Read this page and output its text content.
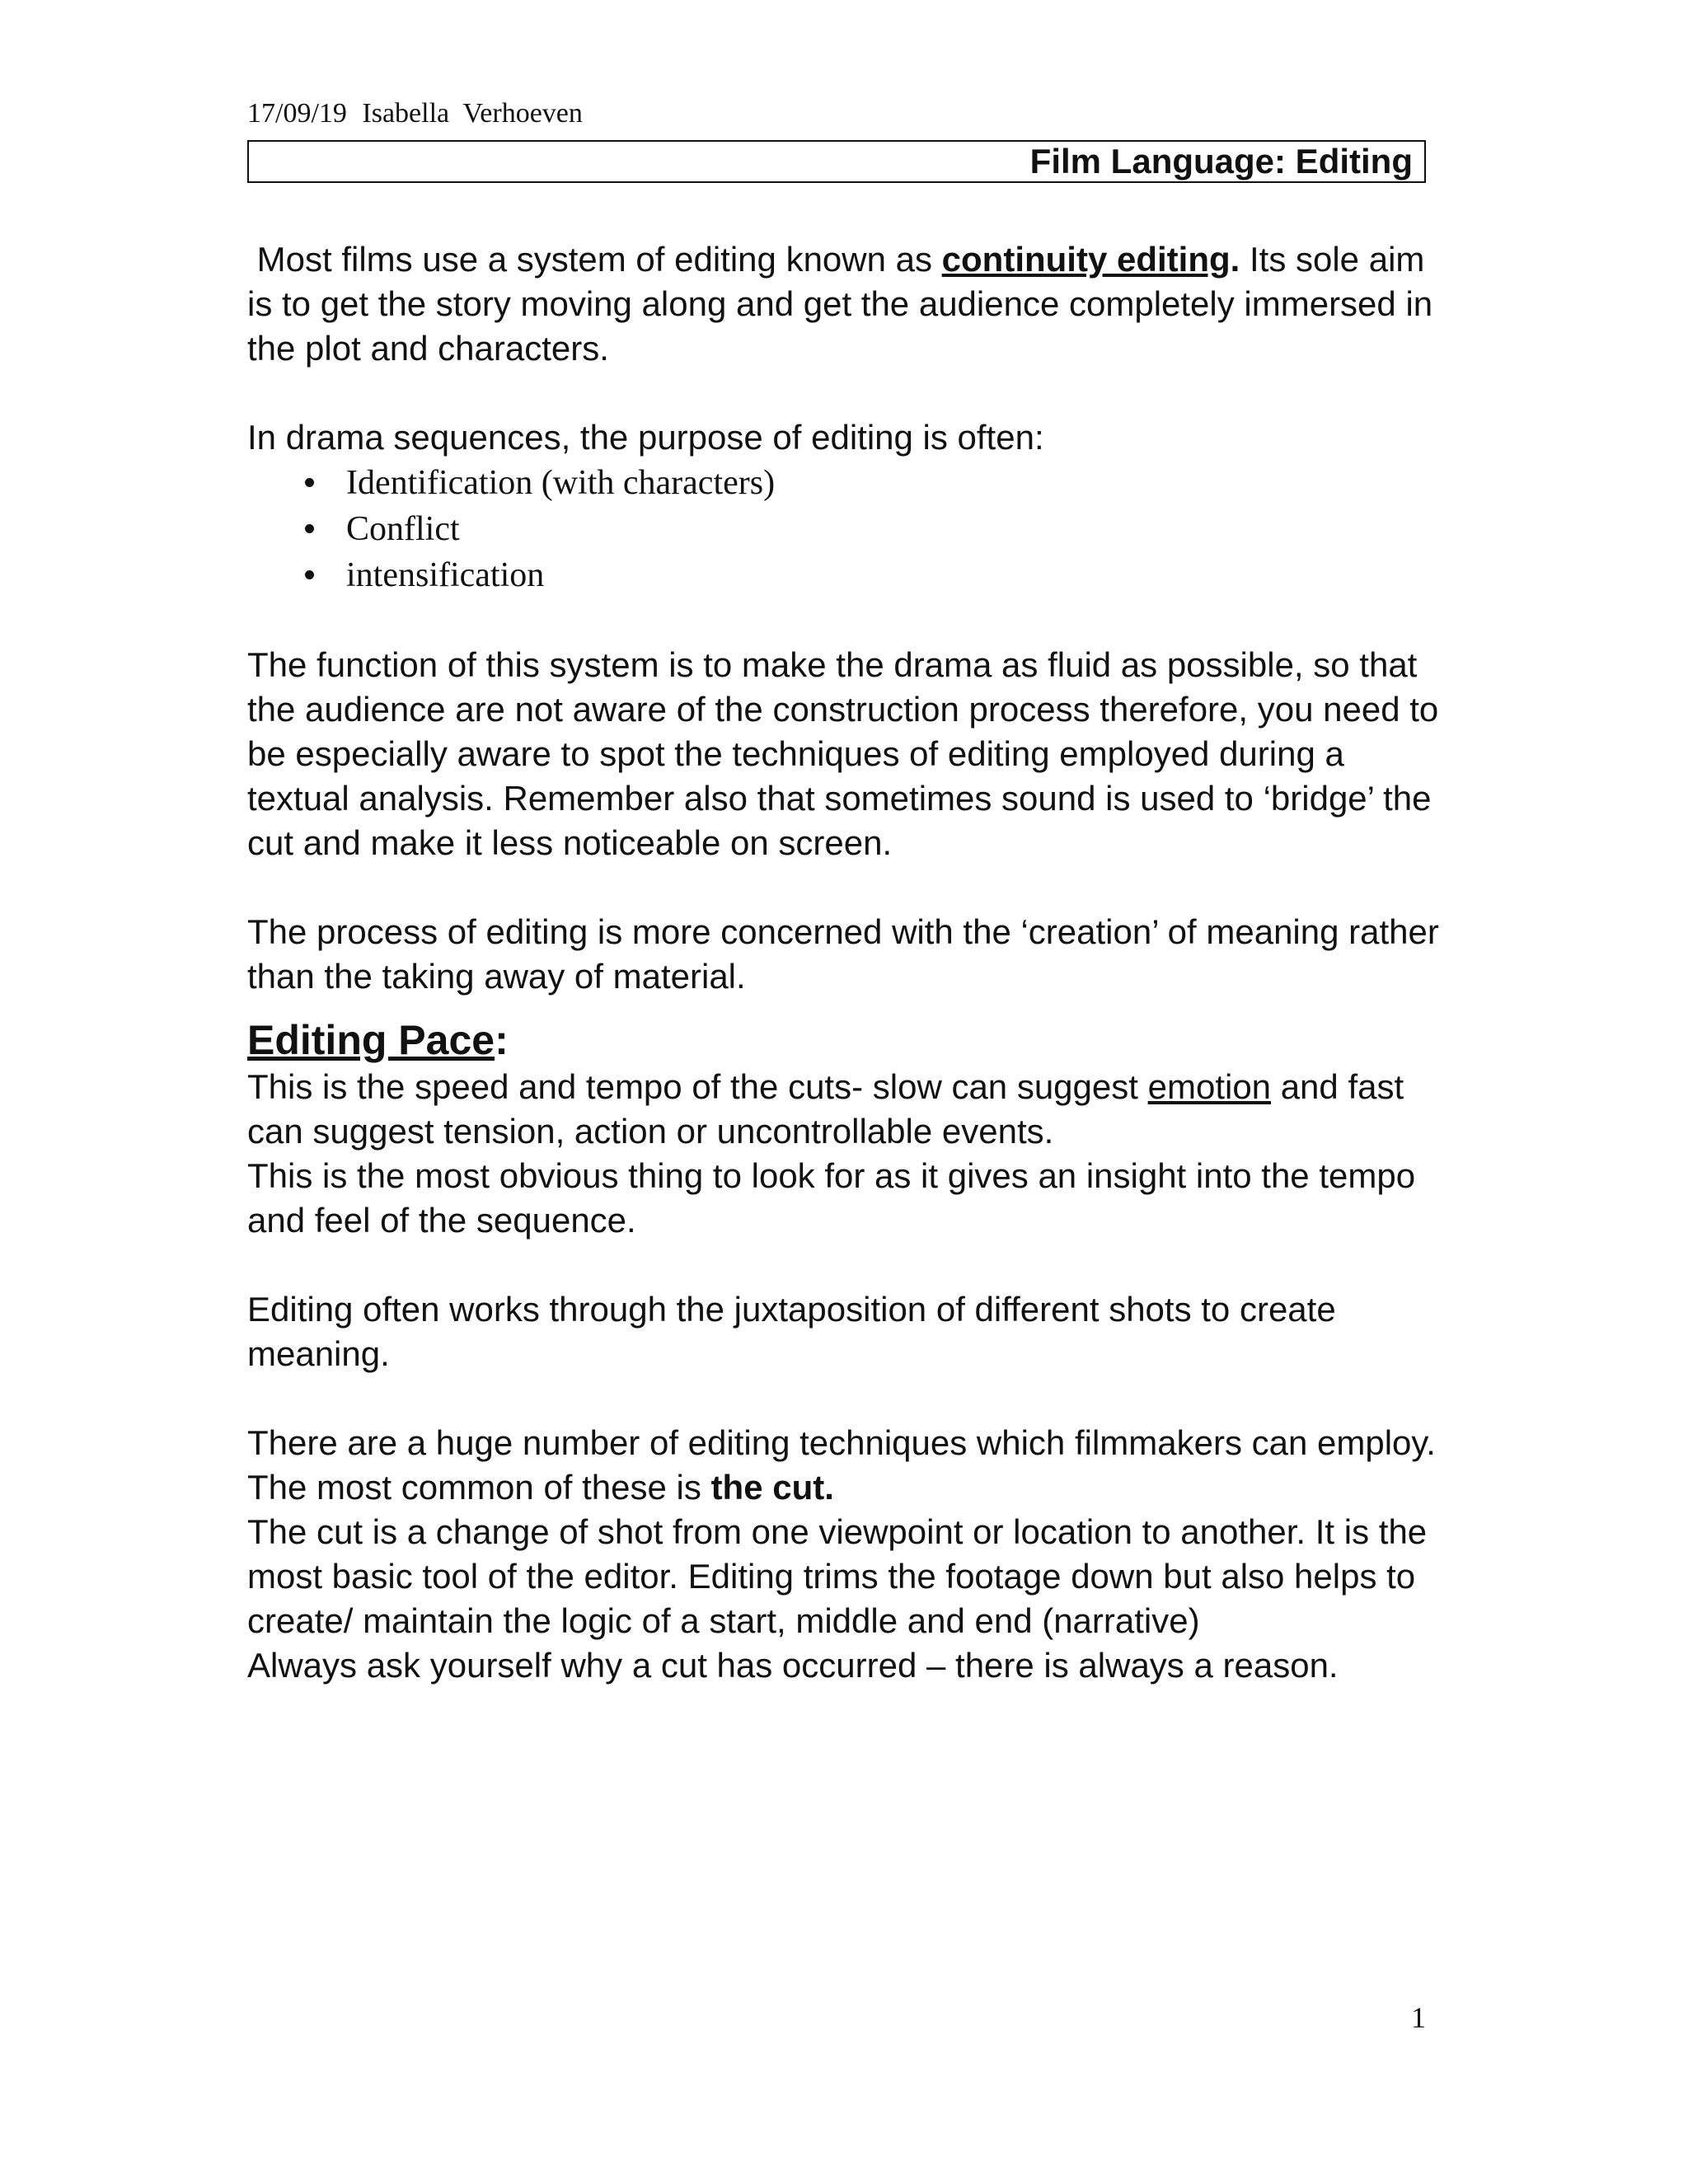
17/09/19 Isabella  Verhoeven
Film Language: Editing

Most films use a system of editing known as continuity editing. Its sole aim is to get the story moving along and get the audience completely immersed in the plot and characters.

In drama sequences, the purpose of editing is often:

Identification (with characters)
Conflict
intensification

The function of this system is to make the drama as fluid as possible, so that the audience are not aware of the construction process therefore, you need to be especially aware to spot the techniques of editing employed during a textual analysis. Remember also that sometimes sound is used to ‘bridge’ the cut and make it less noticeable on screen.

The process of editing is more concerned with the ‘creation’ of meaning rather than the taking away of material.

Editing Pace:

This is the speed and tempo of the cuts- slow can suggest emotion and fast can suggest tension, action or uncontrollable events.

This is the most obvious thing to look for as it gives an insight into the tempo and feel of the sequence.

Editing often works through the juxtaposition of different shots to create meaning.

There are a huge number of editing techniques which filmmakers can employ.

The most common of these is the cut.

The cut is a change of shot from one viewpoint or location to another. It is the most basic tool of the editor. Editing trims the footage down but also helps to create/ maintain the logic of a start, middle and end (narrative)

Always ask yourself why a cut has occurred – there is always a reason.

1
